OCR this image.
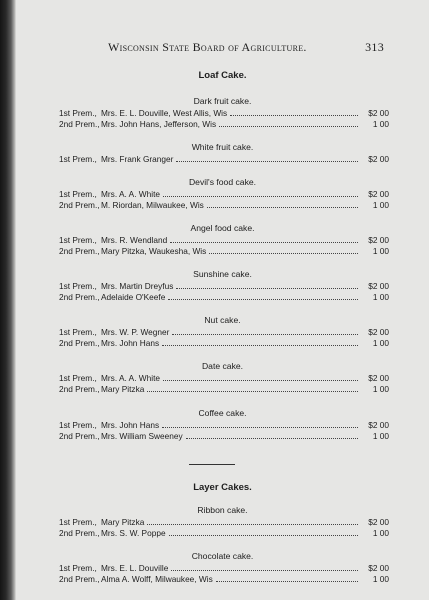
Wisconsin State Board of Agriculture.	313
Loaf Cake.
Dark fruit cake.
1st Prem., Mrs. E. L. Douville, West Allis, Wis	$2 00
2nd Prem., Mrs. John Hans, Jefferson, Wis	1 00
White fruit cake.
1st Prem., Mrs. Frank Granger	$2 00
Devil's food cake.
1st Prem., Mrs. A. A. White	$2 00
2nd Prem., M. Riordan, Milwaukee, Wis	1 00
Angel food cake.
1st Prem., Mrs. R. Wendland	$2 00
2nd Prem., Mary Pitzka, Waukesha, Wis	1 00
Sunshine cake.
1st Prem., Mrs. Martin Dreyfus	$2 00
2nd Prem., Adelaide O'Keefe	1 00
Nut cake.
1st Prem., Mrs. W. P. Wegner	$2 00
2nd Prem., Mrs. John Hans	1 00
Date cake.
1st Prem., Mrs. A. A. White	$2 00
2nd Prem., Mary Pitzka	1 00
Coffee cake.
1st Prem., Mrs. John Hans	$2 00
2nd Prem., Mrs. William Sweeney	1 00
Layer Cakes.
Ribbon cake.
1st Prem., Mary Pitzka	$2 00
2nd Prem., Mrs. S. W. Poppe	1 00
Chocolate cake.
1st Prem., Mrs. E. L. Douville	$2 00
2nd Prem., Alma A. Wolff, Milwaukee, Wis	1 00
